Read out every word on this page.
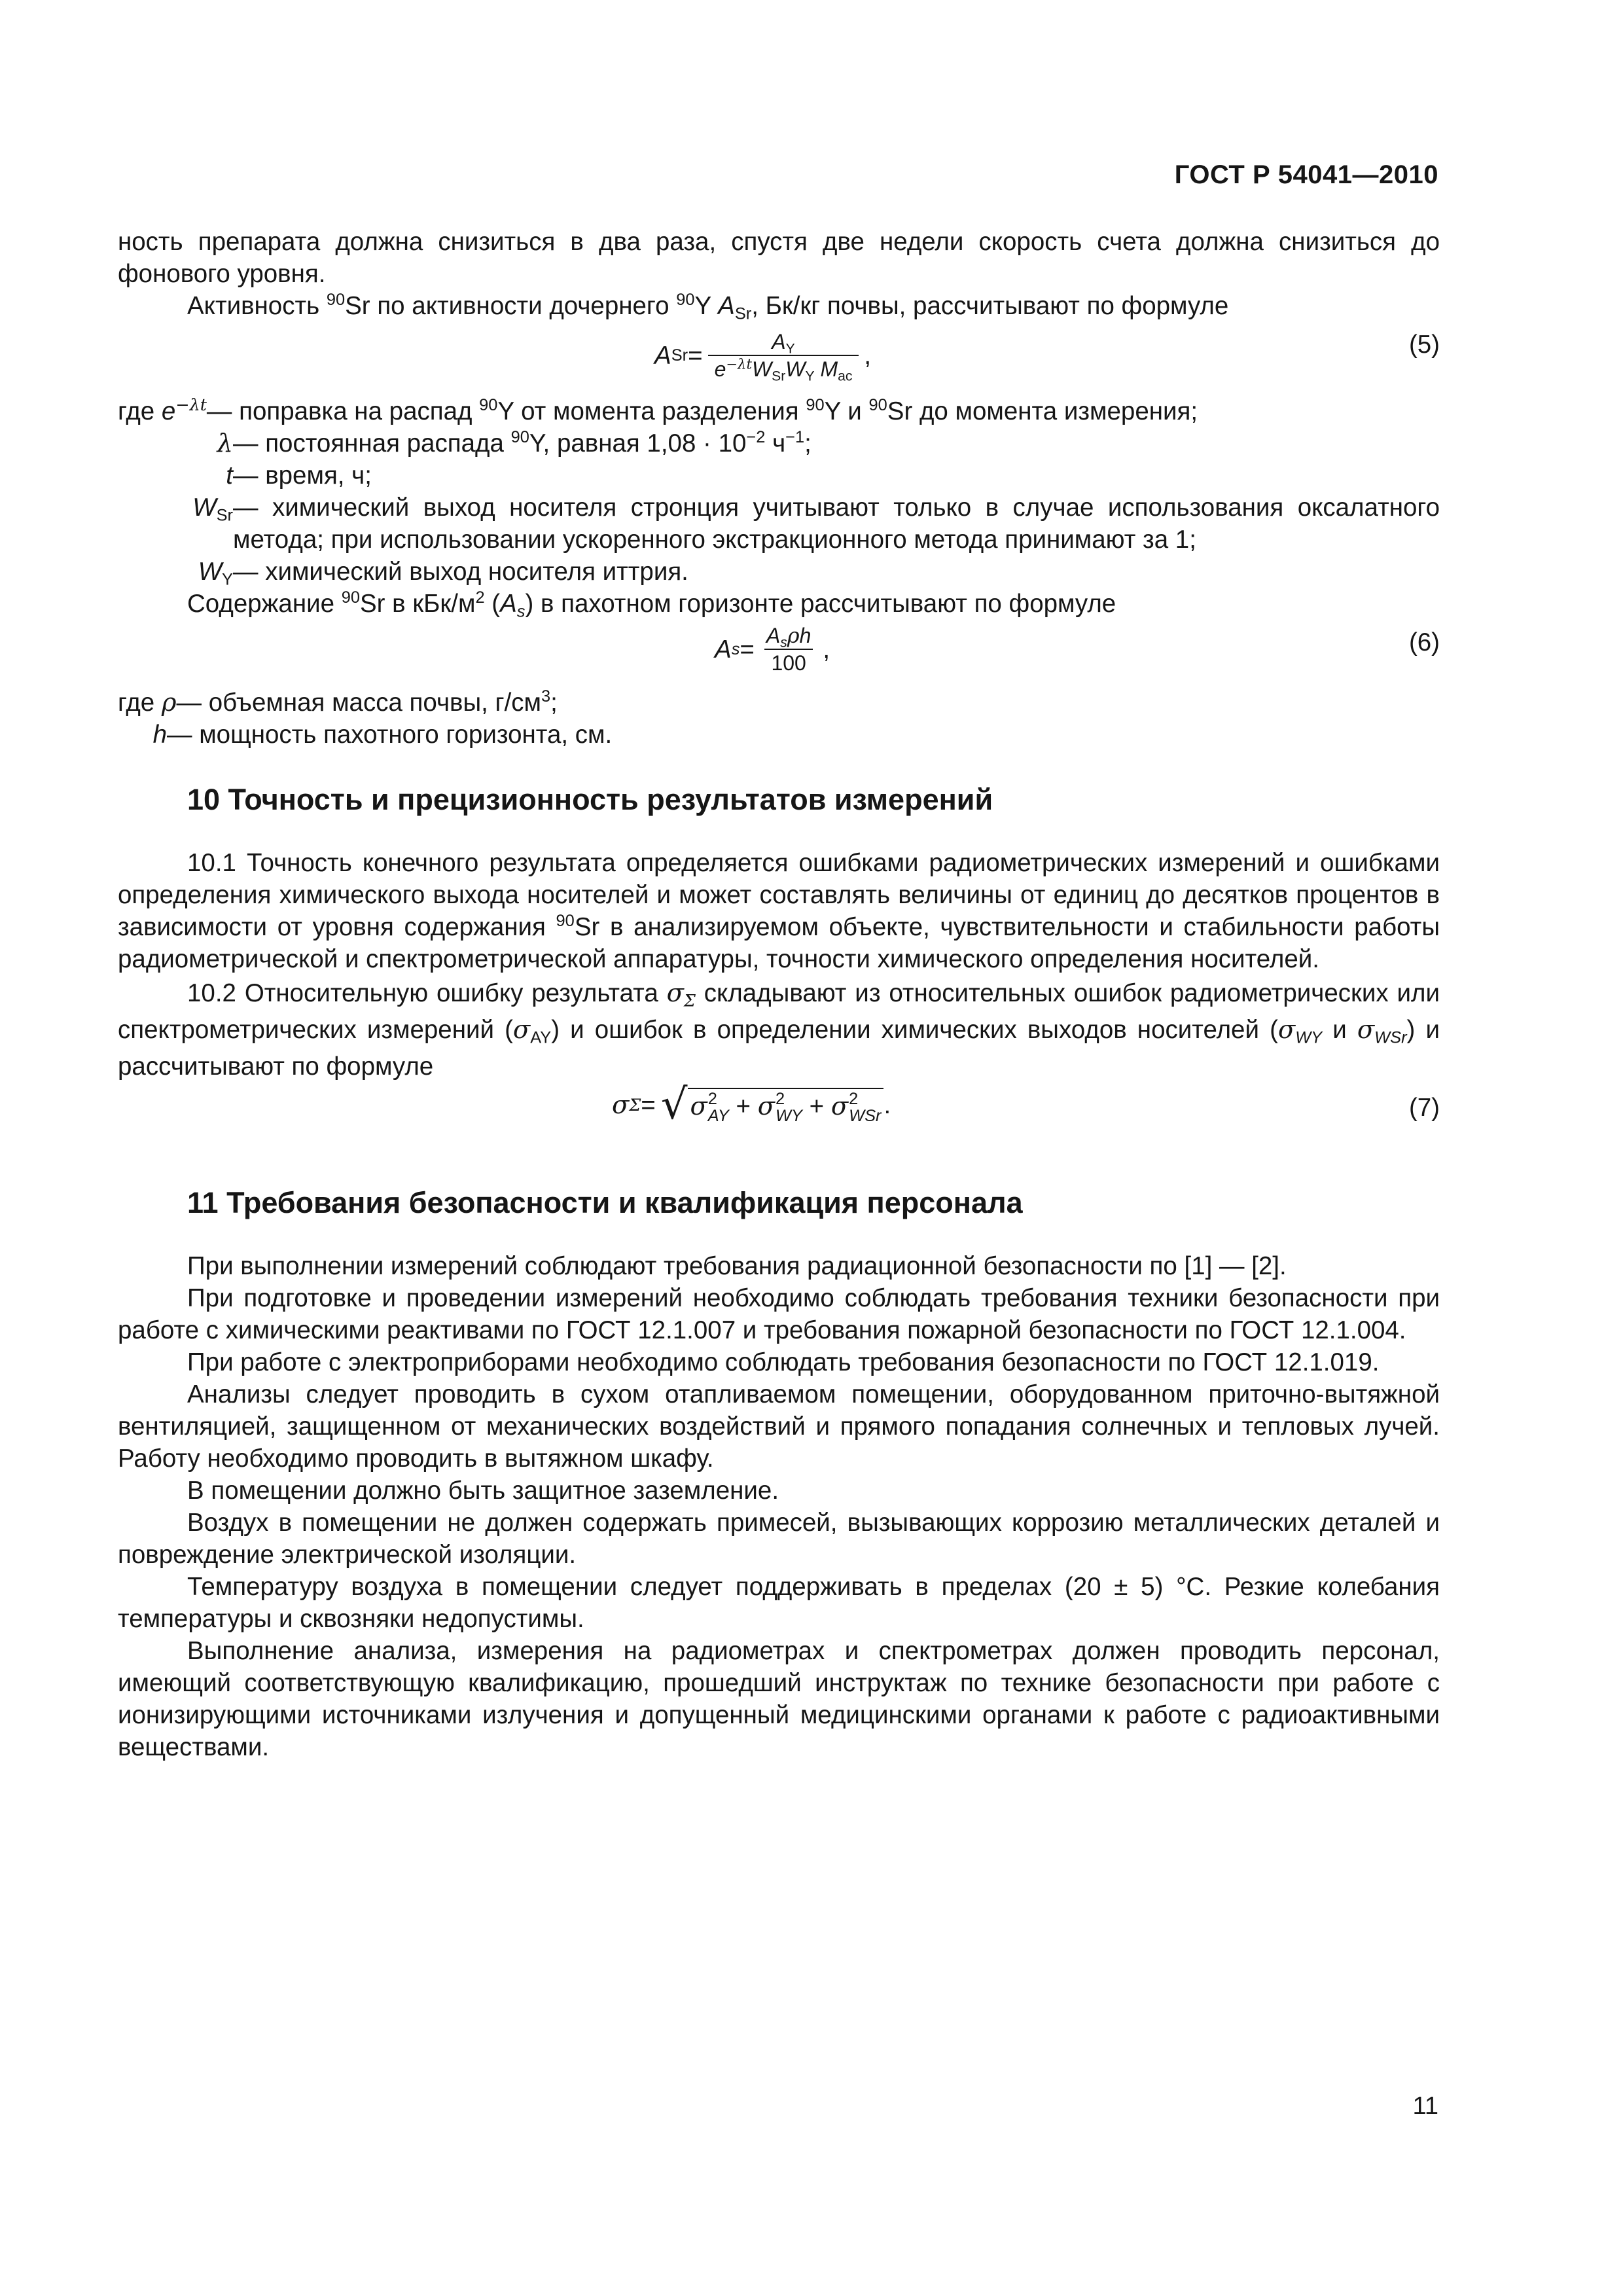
ГОСТ Р 54041—2010

ность препарата должна снизиться в два раза, спустя две недели скорость счета должна снизиться до фонового уровня.

Активность $^{90}$Sr по активности дочернего $^{90}$Y $A_{Sr}$, Бк/кг почвы, рассчитывают по формуле

A $Sr = \frac{A_Y}{e^{-\lambda t}W_{Sr}W_Y M_{ac}}$ ,	(5)
где $e^{-\lambda t}$ — поправка на распад $^{90}$Y от момента разделения $^{90}$Y и $^{90}$Sr до момента измерения;
λ — постоянная распада $^{90}$Y, равная $1,08 \cdot 10^{-2}$ $ч^{-1}$;
t — время, ч;
$W_{Sr}$ — химический выход носителя стронция учитывают только в случае использования оксалатного метода; при использовании ускоренного экстракционного метода принимают за 1;
$W_Y$ — химический выход носителя иттрия.

Содержание $^{90}$Sr в кБк/$м^2$ $(A_s)$ в пахотном горизонте рассчитывают по формуле

A $s = \frac{A_s\rho h}{100}$ ,	(6)
где ρ — объемная масса почвы, $г/см^3$;
h — мощность пахотного горизонта, см.
10 Точность и прецизионность результатов измерений

10.1 Точность конечного результата определяется ошибками радиометрических измерений и ошибками определения химического выхода носителей и может составлять величины от единиц до десятков процентов в зависимости от уровня содержания $^{90}$Sr в анализируемом объекте, чувствительности и стабильности работы радиометрической и спектрометрической аппаратуры, точности химического определения носителей.

10.2 Относительную ошибку результата $\sigma_\Sigma$ складывают из относительных ошибок радиометрических или спектрометрических измерений $(\sigma_{AY})$ и ошибок в определении химических выходов носителей ($\sigma_{WY}$ и $\sigma_{WSr}$) и рассчитывают по формуле

σ Σ = √ σ 2
AY + σ 2
WY + σ 2
WSr .	(7)
11 Требования безопасности и квалификация персонала

При выполнении измерений соблюдают требования радиационной безопасности по [1] — [2].

При подготовке и проведении измерений необходимо соблюдать требования техники безопасности при работе с химическими реактивами по ГОСТ 12.1.007 и требования пожарной безопасности по ГОСТ 12.1.004.

При работе с электроприборами необходимо соблюдать требования безопасности по ГОСТ 12.1.019.

Анализы следует проводить в сухом отапливаемом помещении, оборудованном приточно-вытяжной вентиляцией, защищенном от механических воздействий и прямого попадания солнечных и тепловых лучей. Работу необходимо проводить в вытяжном шкафу.

В помещении должно быть защитное заземление.

Воздух в помещении не должен содержать примесей, вызывающих коррозию металлических деталей и повреждение электрической изоляции.

Температуру воздуха в помещении следует поддерживать в пределах (20 ± 5) °С. Резкие колебания температуры и сквозняки недопустимы.

Выполнение анализа, измерения на радиометрах и спектрометрах должен проводить персонал, имеющий соответствующую квалификацию, прошедший инструктаж по технике безопасности при работе с ионизирующими источниками излучения и допущенный медицинскими органами к работе с радиоактивными веществами.

11
